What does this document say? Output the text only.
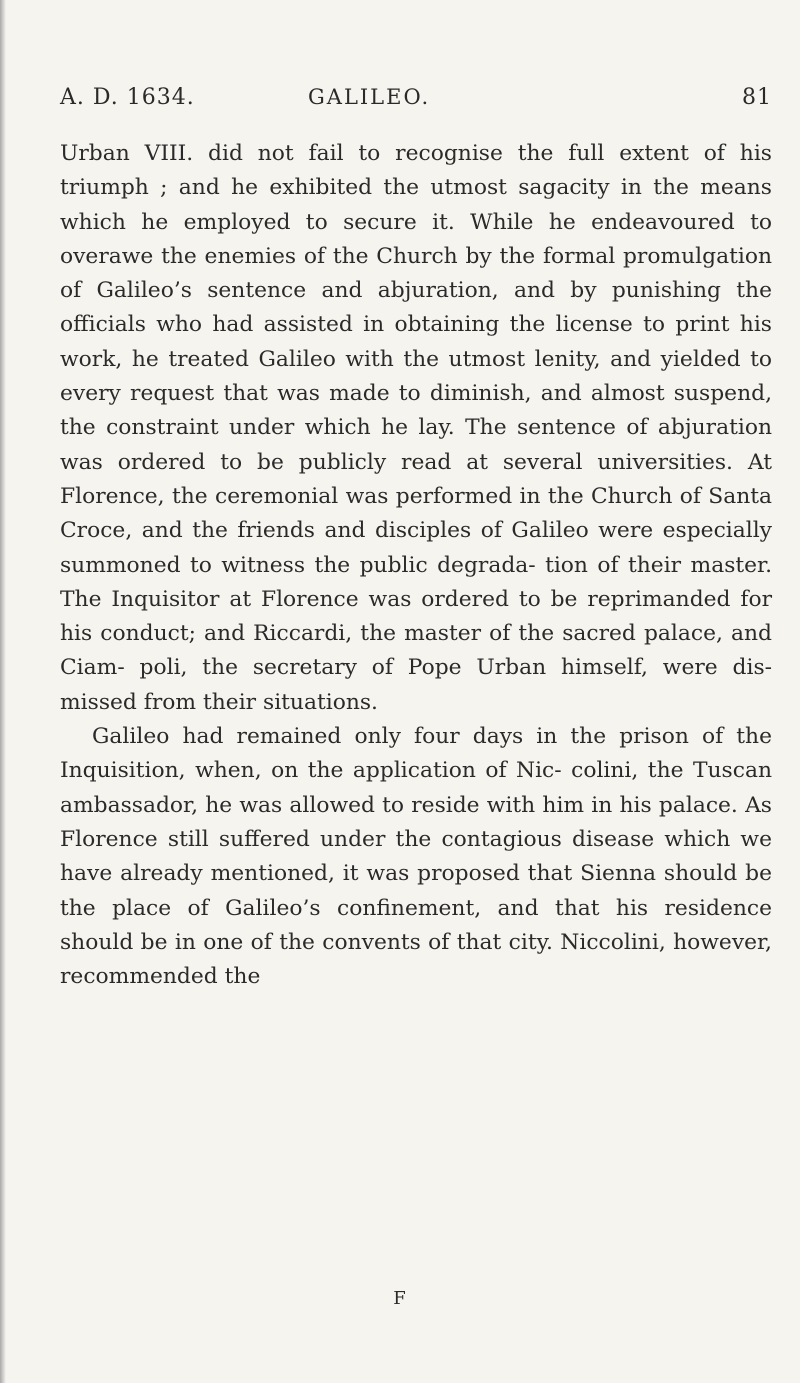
A. D. 1634.	GALILEO.	81

Urban VIII. did not fail to recognise the full extent of his triumph ; and he exhibited the utmost sagacity in the means which he employed to secure it. While he endeavoured to overawe the enemies of the Church by the formal promulgation of Galileo’s sentence and abjuration, and by punishing the officials who had assisted in obtaining the license to print his work, he treated Galileo with the utmost lenity, and yielded to every request that was made to diminish, and almost suspend, the constraint under which he lay. The sentence of abjuration was ordered to be publicly read at several universities. At Florence, the ceremonial was performed in the Church of Santa Croce, and the friends and disciples of Galileo were especially summoned to witness the public degrada- tion of their master. The Inquisitor at Florence was ordered to be reprimanded for his conduct; and Riccardi, the master of the sacred palace, and Ciam- poli, the secretary of Pope Urban himself, were dis- missed from their situations.

Galileo had remained only four days in the prison of the Inquisition, when, on the application of Nic- colini, the Tuscan ambassador, he was allowed to reside with him in his palace. As Florence still suffered under the contagious disease which we have already mentioned, it was proposed that Sienna should be the place of Galileo’s confinement, and that his residence should be in one of the convents of that city. Niccolini, however, recommended the

F
